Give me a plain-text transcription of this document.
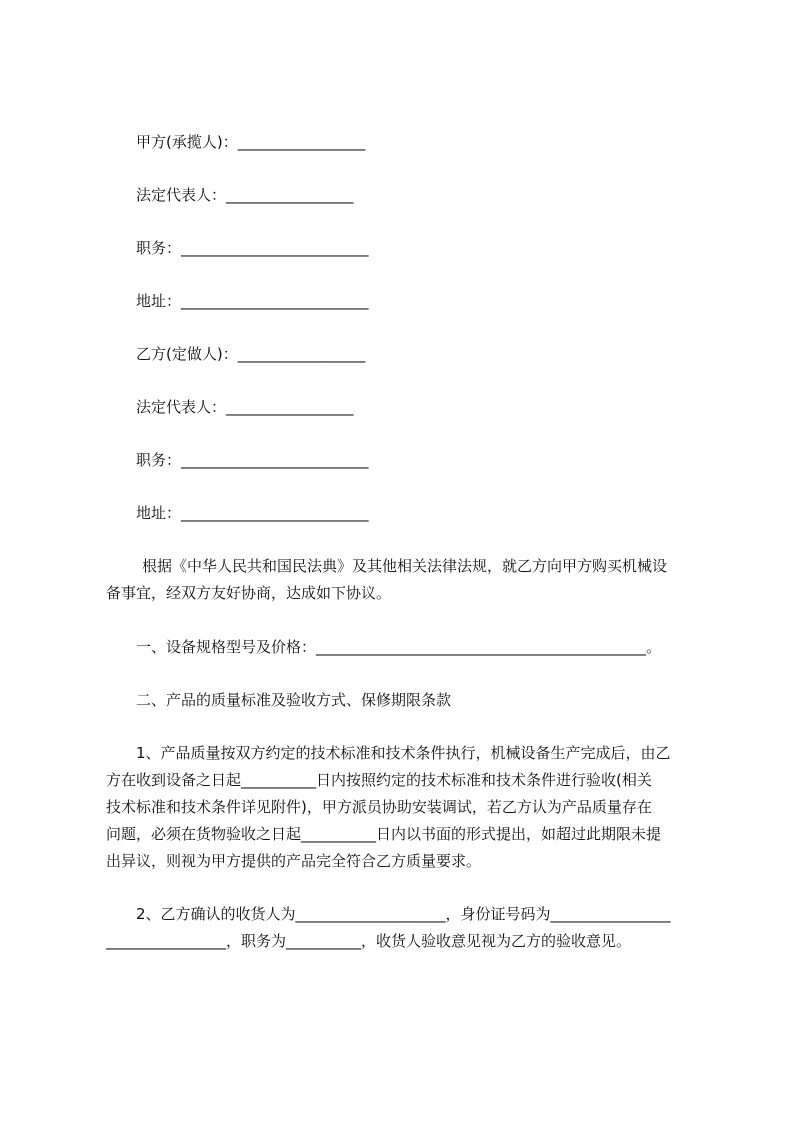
甲方(承揽人)：_________________
法定代表人：_________________
职务：_________________________
地址：_________________________
乙方(定做人)：_________________
法定代表人：_________________
职务：_________________________
地址：_________________________
根据《中华人民共和国民法典》及其他相关法律法规，就乙方向甲方购买机械设
备事宜，经双方友好协商，达成如下协议。
一、设备规格型号及价格：____________________________________________。
二、产品的质量标准及验收方式、保修期限条款
1、产品质量按双方约定的技术标准和技术条件执行，机械设备生产完成后，由乙
方在收到设备之日起__________日内按照约定的技术标准和技术条件进行验收(相关
技术标准和技术条件详见附件)，甲方派员协助安装调试，若乙方认为产品质量存在
问题，必须在货物验收之日起__________日内以书面的形式提出，如超过此期限未提
出异议，则视为甲方提供的产品完全符合乙方质量要求。
2、乙方确认的收货人为____________________，身份证号码为________________
________________，职务为__________，收货人验收意见视为乙方的验收意见。
